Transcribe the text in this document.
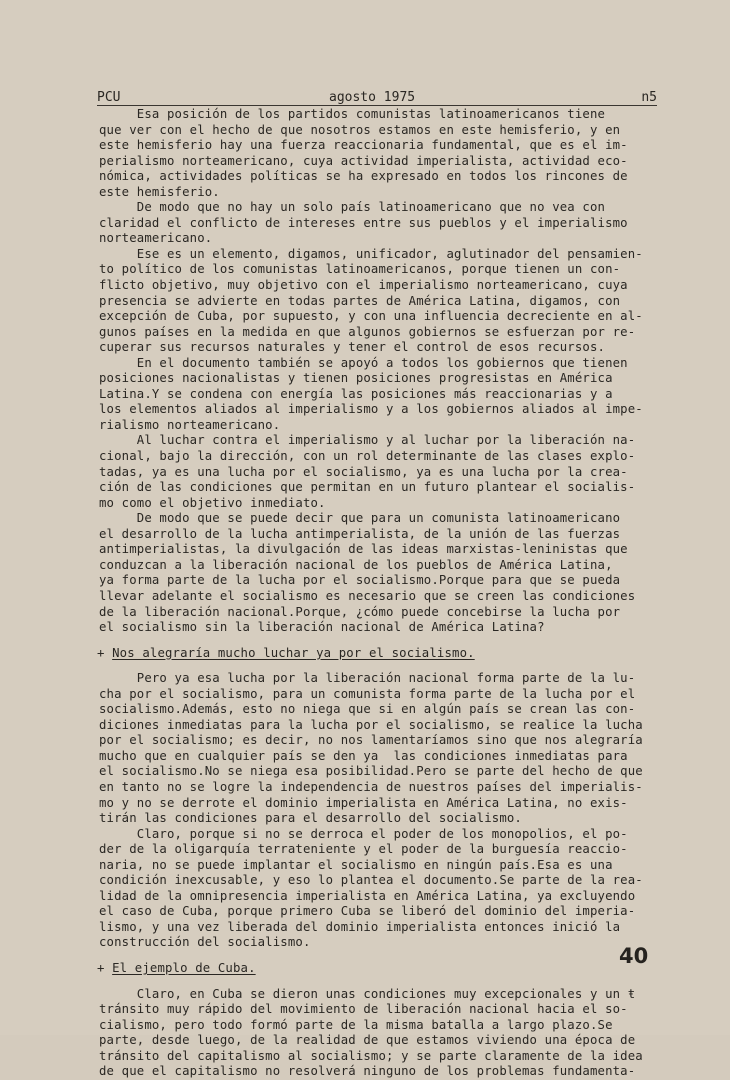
PCU	agosto 1975	n5
Esa posición de los partidos comunistas latinoamericanos tiene
que ver con el hecho de que nosotros estamos en este hemisferio, y en
este hemisferio hay una fuerza reaccionaria fundamental, que es el im-
perialismo norteamericano, cuya actividad imperialista, actividad eco-
nómica, actividades políticas se ha expresado en todos los rincones de
este hemisferio.
De modo que no hay un solo país latinoamericano que no vea con
claridad el conflicto de intereses entre sus pueblos y el imperialismo
norteamericano.
Ese es un elemento, digamos, unificador, aglutinador del pensamien-
to político de los comunistas latinoamericanos, porque tienen un con-
flicto objetivo, muy objetivo con el imperialismo norteamericano, cuya
presencia se advierte en todas partes de América Latina, digamos, con
excepción de Cuba, por supuesto, y con una influencia decreciente en al-
gunos países en la medida en que algunos gobiernos se esfuerzan por re-
cuperar sus recursos naturales y tener el control de esos recursos.
En el documento también se apoyó a todos los gobiernos que tienen
posiciones nacionalistas y tienen posiciones progresistas en América
Latina.Y se condena con energía las posiciones más reaccionarias y a
los elementos aliados al imperialismo y a los gobiernos aliados al impe-
rialismo norteamericano.
Al luchar contra el imperialismo y al luchar por la liberación na-
cional, bajo la dirección, con un rol determinante de las clases explo-
tadas, ya es una lucha por el socialismo, ya es una lucha por la crea-
ción de las condiciones que permitan en un futuro plantear el socialis-
mo como el objetivo inmediato.
De modo que se puede decir que para un comunista latinoamericano
el desarrollo de la lucha antimperialista, de la unión de las fuerzas
antimperialistas, la divulgación de las ideas marxistas-leninistas que
conduzcan a la liberación nacional de los pueblos de América Latina,
ya forma parte de la lucha por el socialismo.Porque para que se pueda
llevar adelante el socialismo es necesario que se creen las condiciones
de la liberación nacional.Porque, ¿cómo puede concebirse la lucha por
el socialismo sin la liberación nacional de América Latina?
+ Nos alegraría mucho luchar ya por el socialismo.
Pero ya esa lucha por la liberación nacional forma parte de la lu-
cha por el socialismo, para un comunista forma parte de la lucha por el
socialismo.Además, esto no niega que si en algún país se crean las con-
diciones inmediatas para la lucha por el socialismo, se realice la lucha
por el socialismo; es decir, no nos lamentaríamos sino que nos alegraría
mucho que en cualquier país se den ya  las condiciones inmediatas para
el socialismo.No se niega esa posibilidad.Pero se parte del hecho de que
en tanto no se logre la independencia de nuestros países del imperialis-
mo y no se derrote el dominio imperialista en América Latina, no exis-
tirán las condiciones para el desarrollo del socialismo.
Claro, porque si no se derroca el poder de los monopolios, el po-
der de la oligarquía terrateniente y el poder de la burguesía reaccio-
naria, no se puede implantar el socialismo en ningún país.Esa es una
condición inexcusable, y eso lo plantea el documento.Se parte de la rea-
lidad de la omnipresencia imperialista en América Latina, ya excluyendo
el caso de Cuba, porque primero Cuba se liberó del dominio del imperia-
lismo, y una vez liberada del dominio imperialista entonces inició la
construcción del socialismo.
+ El ejemplo de Cuba.
Claro, en Cuba se dieron unas condiciones muy excepcionales y un ŧ
tránsito muy rápido del movimiento de liberación nacional hacia el so-
cialismo, pero todo formó parte de la misma batalla a largo plazo.Se
parte, desde luego, de la realidad de que estamos viviendo una época de
tránsito del capitalismo al socialismo; y se parte claramente de la idea
de que el capitalismo no resolverá ninguno de los problemas fundamenta-
40
